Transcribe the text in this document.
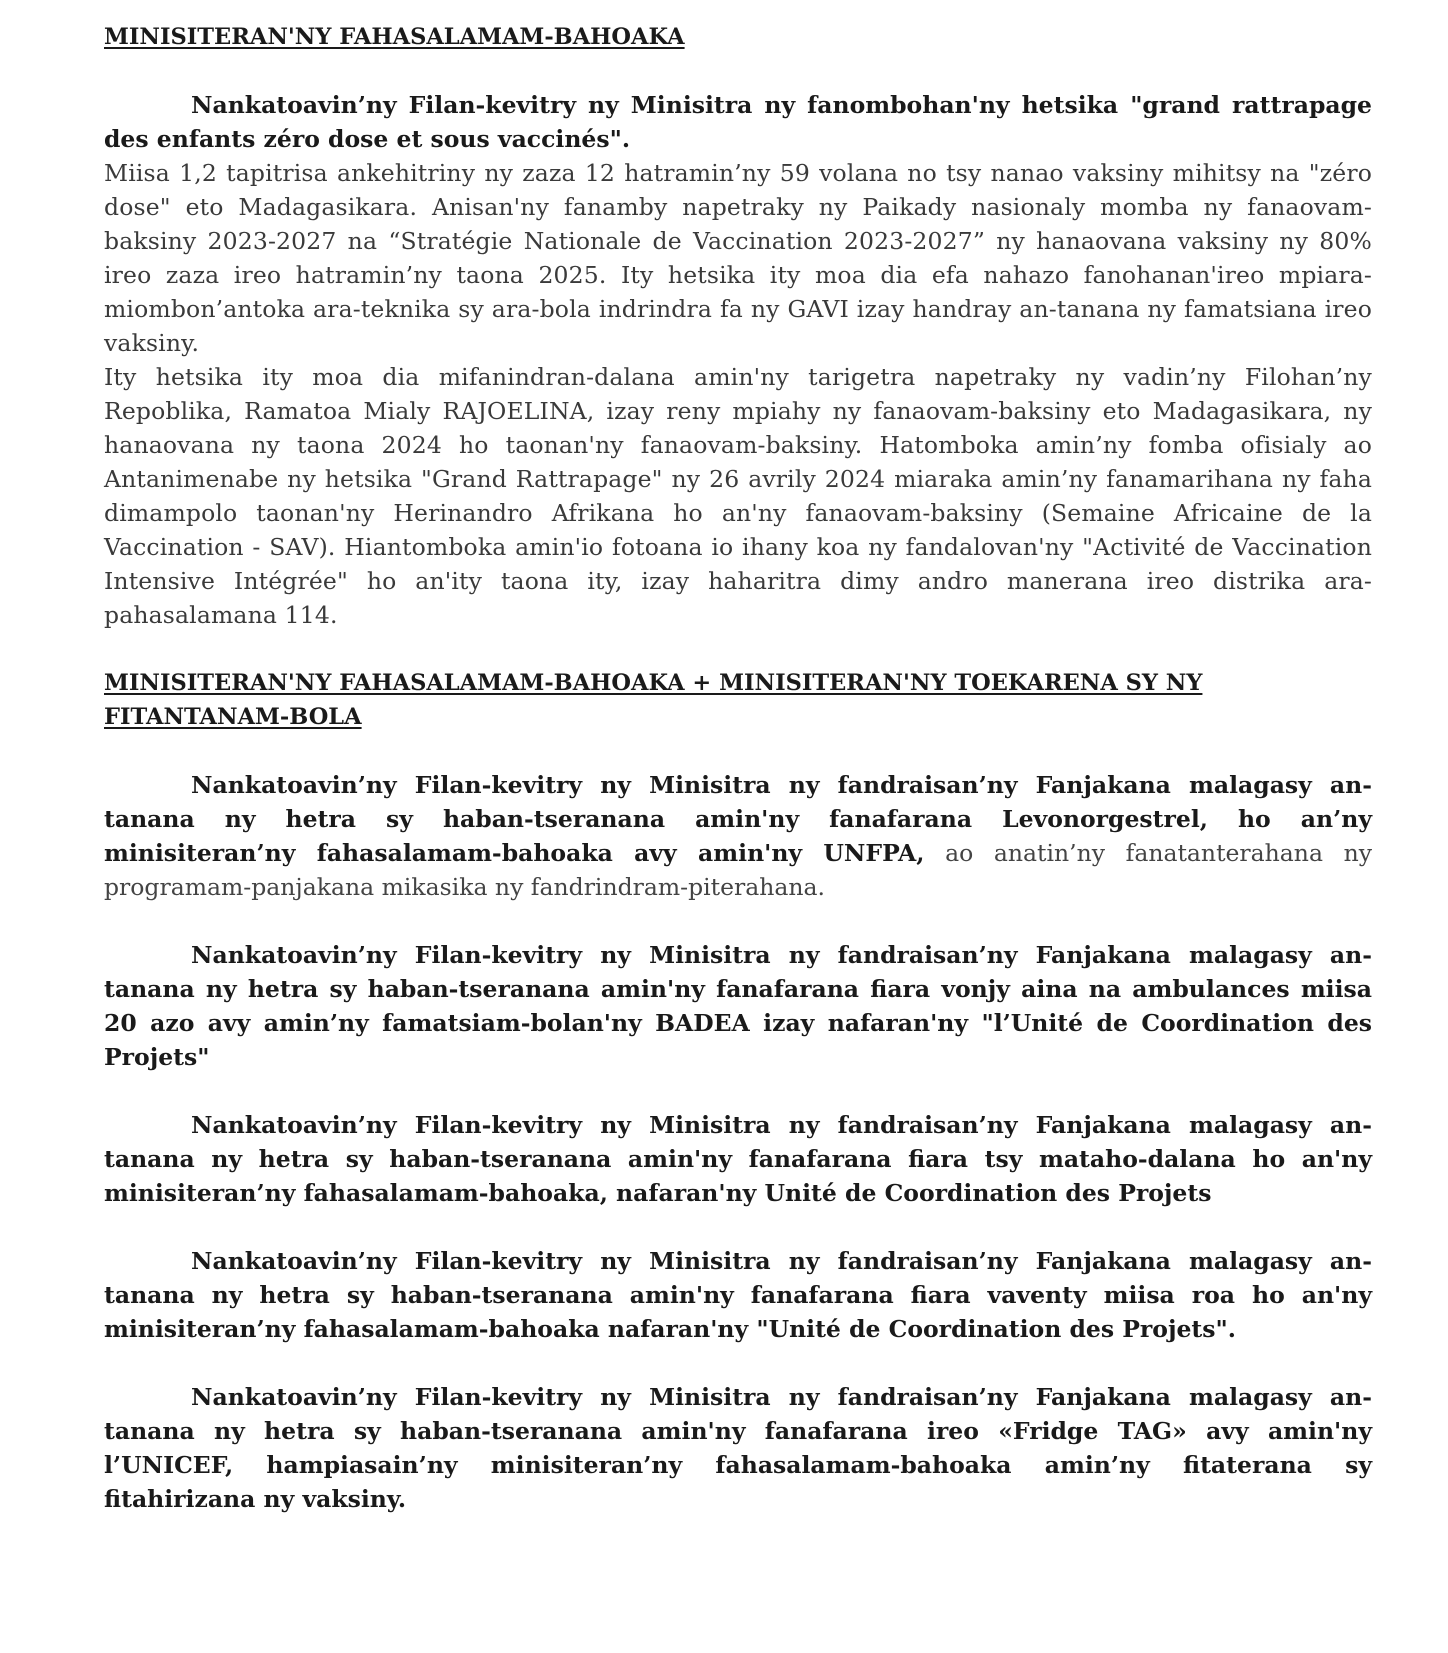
MINISITERAN'NY FAHASALAMAM-BAHOAKA

Nankatoavin’ny Filan-kevitry ny Minisitra ny fanombohan'ny hetsika "grand rattrapage des enfants zéro dose et sous vaccinés".

Miisa 1,2 tapitrisa ankehitriny ny zaza 12 hatramin’ny 59 volana no tsy nanao vaksiny mihitsy na "zéro dose" eto Madagasikara. Anisan'ny fanamby napetraky ny Paikady nasionaly momba ny fanaovam-baksiny 2023-2027 na “Stratégie Nationale de Vaccination 2023-2027” ny hanaovana vaksiny ny 80% ireo zaza ireo hatramin’ny taona 2025. Ity hetsika ity moa dia efa nahazo fanohanan'ireo mpiara-miombon’antoka ara-teknika sy ara-bola indrindra fa ny GAVI izay handray an-tanana ny famatsiana ireo vaksiny.

Ity hetsika ity moa dia mifanindran-dalana amin'ny tarigetra napetraky ny vadin’ny Filohan’ny Repoblika, Ramatoa Mialy RAJOELINA, izay reny mpiahy ny fanaovam-baksiny eto Madagasikara, ny hanaovana ny taona 2024 ho taonan'ny fanaovam-baksiny. Hatomboka amin’ny fomba ofisialy ao Antanimenabe ny hetsika "Grand Rattrapage" ny 26 avrily 2024 miaraka amin’ny fanamarihana ny faha dimampolo taonan'ny Herinandro Afrikana ho an'ny fanaovam-baksiny (Semaine Africaine de la Vaccination - SAV). Hiantomboka amin'io fotoana io ihany koa ny fandalovan'ny "Activité de Vaccination Intensive Intégrée" ho an'ity taona ity, izay haharitra dimy andro manerana ireo distrika ara-pahasalamana 114.

MINISITERAN'NY FAHASALAMAM-BAHOAKA + MINISITERAN'NY TOEKARENA SY NY FITANTANAM-BOLA

Nankatoavin’ny Filan-kevitry ny Minisitra ny fandraisan’ny Fanjakana malagasy an-tanana ny hetra sy haban-tseranana amin'ny fanafarana Levonorgestrel, ho an’ny minisiteran’ny fahasalamam-bahoaka avy amin'ny UNFPA, ao anatin’ny fanatanterahana ny programam-panjakana mikasika ny fandrindram-piterahana.

Nankatoavin’ny Filan-kevitry ny Minisitra ny fandraisan’ny Fanjakana malagasy an-tanana ny hetra sy haban-tseranana amin'ny fanafarana fiara vonjy aina na ambulances miisa 20 azo avy amin’ny famatsiam-bolan'ny BADEA izay nafaran'ny "l’Unité de Coordination des Projets"

Nankatoavin’ny Filan-kevitry ny Minisitra ny fandraisan’ny Fanjakana malagasy an-tanana ny hetra sy haban-tseranana amin'ny fanafarana fiara tsy mataho-dalana ho an'ny minisiteran’ny fahasalamam-bahoaka, nafaran'ny Unité de Coordination des Projets

Nankatoavin’ny Filan-kevitry ny Minisitra ny fandraisan’ny Fanjakana malagasy an-tanana ny hetra sy haban-tseranana amin'ny fanafarana fiara vaventy miisa roa ho an'ny minisiteran’ny fahasalamam-bahoaka nafaran'ny "Unité de Coordination des Projets".

Nankatoavin’ny Filan-kevitry ny Minisitra ny fandraisan’ny Fanjakana malagasy an-tanana ny hetra sy haban-tseranana amin'ny fanafarana ireo «Fridge TAG» avy amin'ny l’UNICEF, hampiasain’ny minisiteran’ny fahasalamam-bahoaka amin’ny fitaterana sy fitahirizana ny vaksiny.
